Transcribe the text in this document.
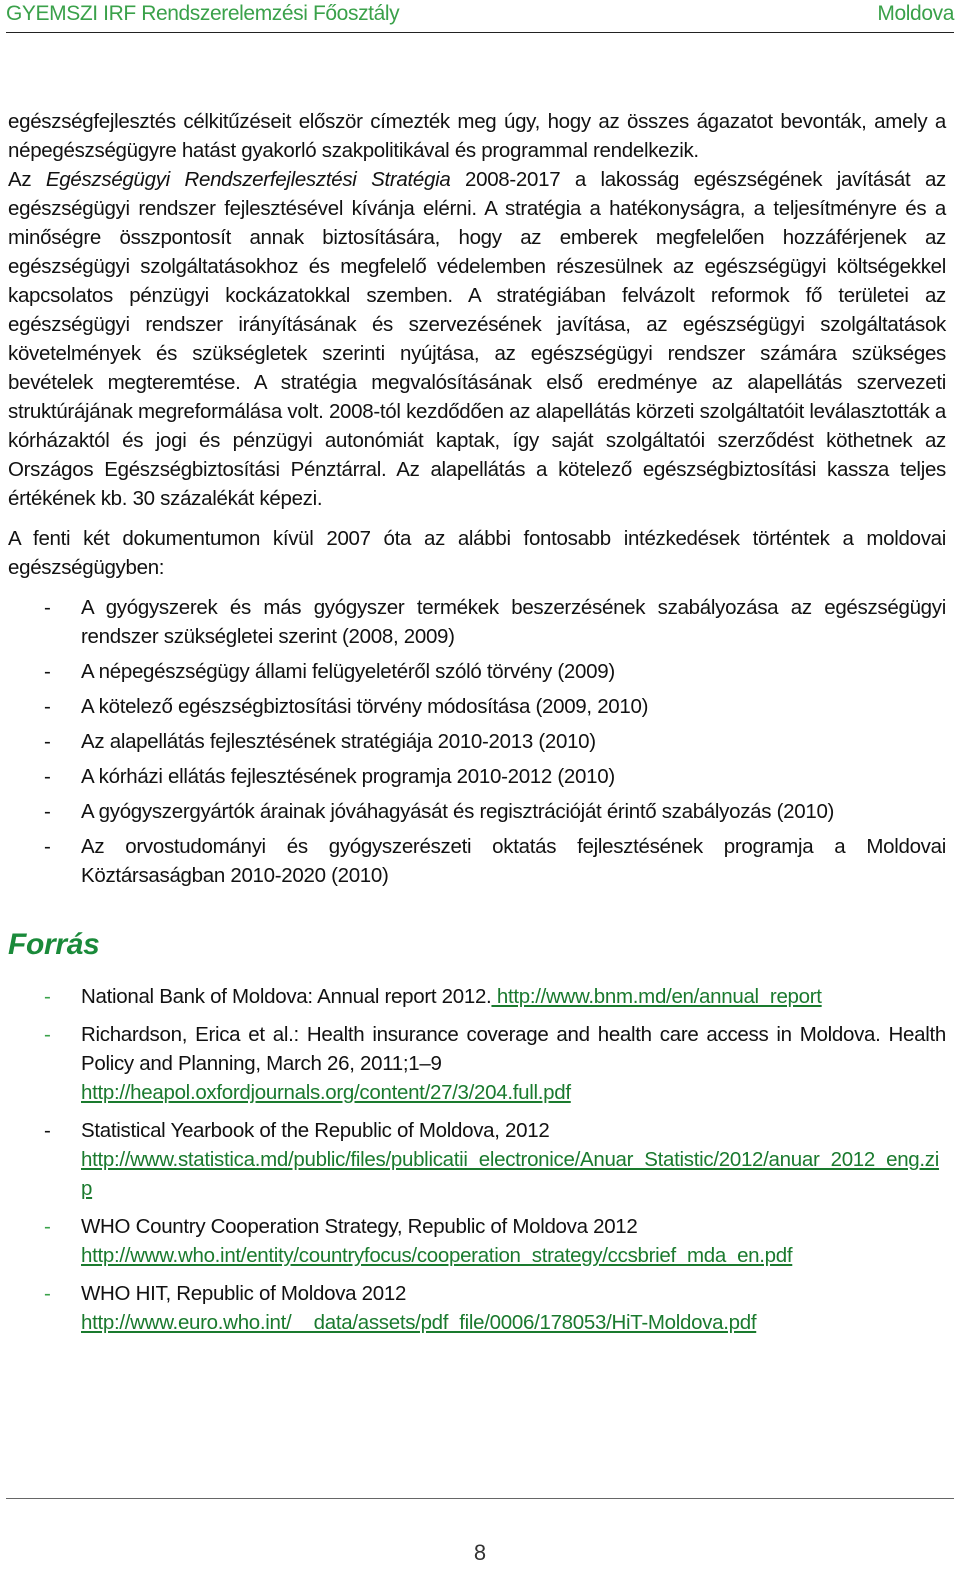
GYEMSZI IRF Rendszerelemzési Főosztály	Moldova

egészségfejlesztés célkitűzéseit először címezték meg úgy, hogy az összes ágazatot bevonták, amely a népegészségügyre hatást gyakorló szakpolitikával és programmal rendelkezik.
Az Egészségügyi Rendszerfejlesztési Stratégia 2008-2017 a lakosság egészségének javítását az egészségügyi rendszer fejlesztésével kívánja elérni. A stratégia a hatékonyságra, a teljesítményre és a minőségre összpontosít annak biztosítására, hogy az emberek megfelelően hozzáférjenek az egészségügyi szolgáltatásokhoz és megfelelő védelemben részesülnek az egészségügyi költségekkel kapcsolatos pénzügyi kockázatokkal szemben. A stratégiában felvázolt reformok fő területei az egészségügyi rendszer irányításának és szervezésének javítása, az egészségügyi szolgáltatások követelmények és szükségletek szerinti nyújtása, az egészségügyi rendszer számára szükséges bevételek megteremtése. A stratégia megvalósításának első eredménye az alapellátás szervezeti struktúrájának megreformálása volt. 2008-tól kezdődően az alapellátás körzeti szolgáltatóit leválasztották a kórházaktól és jogi és pénzügyi autonómiát kaptak, így saját szolgáltatói szerződést köthetnek az Országos Egészségbiztosítási Pénztárral. Az alapellátás a kötelező egészségbiztosítási kassza teljes értékének kb. 30 százalékát képezi.

A fenti két dokumentumon kívül 2007 óta az alábbi fontosabb intézkedések történtek a moldovai egészségügyben:

- A gyógyszerek és más gyógyszer termékek beszerzésének szabályozása az egészségügyi rendszer szükségletei szerint (2008, 2009)
- A népegészségügy állami felügyeletéről szóló törvény (2009)
- A kötelező egészségbiztosítási törvény módosítása (2009, 2010)
- Az alapellátás fejlesztésének stratégiája 2010-2013 (2010)
- A kórházi ellátás fejlesztésének programja 2010-2012 (2010)
- A gyógyszergyártók árainak jóváhagyását és regisztrációját érintő szabályozás (2010)
- Az orvostudományi és gyógyszerészeti oktatás fejlesztésének programja a Moldovai Köztársaságban 2010-2020 (2010)
Forrás
- National Bank of Moldova: Annual report 2012. http://www.bnm.md/en/annual_report
- Richardson, Erica et al.: Health insurance coverage and health care access in Moldova. Health Policy and Planning, March 26, 2011;1–9
http://heapol.oxfordjournals.org/content/27/3/204.full.pdf
- Statistical Yearbook of the Republic of Moldova, 2012
http://www.statistica.md/public/files/publicatii_electronice/Anuar_Statistic/2012/anuar_2012_eng.zip
- WHO Country Cooperation Strategy, Republic of Moldova 2012
http://www.who.int/entity/countryfocus/cooperation_strategy/ccsbrief_mda_en.pdf
- WHO HIT, Republic of Moldova 2012
http://www.euro.who.int/__data/assets/pdf_file/0006/178053/HiT-Moldova.pdf
8
